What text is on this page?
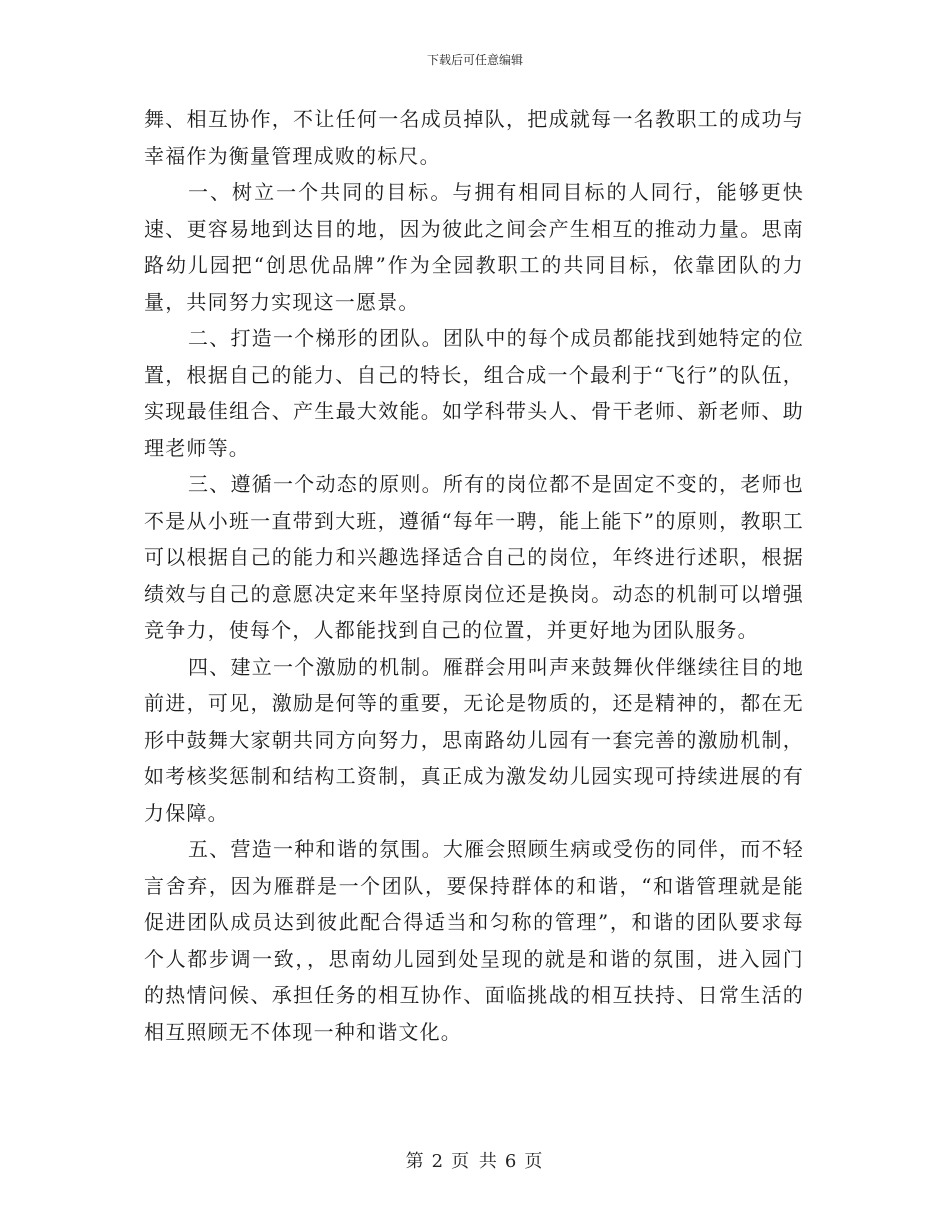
下载后可任意编辑

舞、相互协作，不让任何一名成员掉队，把成就每一名教职工的成功与幸福作为衡量管理成败的标尺。

一、树立一个共同的目标。与拥有相同目标的人同行，能够更快速、更容易地到达目的地，因为彼此之间会产生相互的推动力量。思南路幼儿园把“创思优品牌”作为全园教职工的共同目标，依靠团队的力量，共同努力实现这一愿景。

二、打造一个梯形的团队。团队中的每个成员都能找到她特定的位置，根据自己的能力、自己的特长，组合成一个最利于“飞行”的队伍，实现最佳组合、产生最大效能。如学科带头人、骨干老师、新老师、助理老师等。

三、遵循一个动态的原则。所有的岗位都不是固定不变的，老师也不是从小班一直带到大班，遵循“每年一聘，能上能下”的原则，教职工可以根据自己的能力和兴趣选择适合自己的岗位，年终进行述职，根据绩效与自己的意愿决定来年坚持原岗位还是换岗。动态的机制可以增强竞争力，使每个，人都能找到自己的位置，并更好地为团队服务。

四、建立一个激励的机制。雁群会用叫声来鼓舞伙伴继续往目的地前进，可见，激励是何等的重要，无论是物质的，还是精神的，都在无形中鼓舞大家朝共同方向努力，思南路幼儿园有一套完善的激励机制，如考核奖惩制和结构工资制，真正成为激发幼儿园实现可持续进展的有力保障。

五、营造一种和谐的氛围。大雁会照顾生病或受伤的同伴，而不轻言舍弃，因为雁群是一个团队，要保持群体的和谐，“和谐管理就是能促进团队成员达到彼此配合得适当和匀称的管理”，和谐的团队要求每个人都步调一致，，思南幼儿园到处呈现的就是和谐的氛围，进入园门的热情问候、承担任务的相互协作、面临挑战的相互扶持、日常生活的相互照顾无不体现一种和谐文化。

第 2 页 共 6 页
